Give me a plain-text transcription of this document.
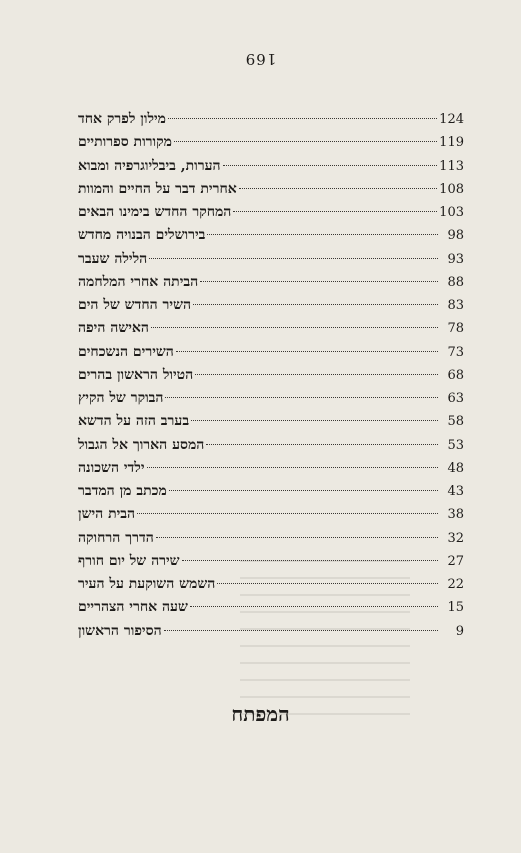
169
124
מילון לפרק אחד
119
מקורות ספרותיים
113
הערות, ביבליוגרפיה ומבוא
108
אחרית דבר על החיים והמוות
103
המחקר החדש בימינו הבאים
98
בירושלים הבנויה מחדש
93
הלילה שעבר
88
הביתה אחרי המלחמה
83
השיר החדש של הים
78
האישה היפה
73
השירים הנשכחים
68
הטיול הראשון בהרים
63
הבוקר של הקיץ
58
בערב הזה על הדשא
53
המסע הארוך אל הגבול
48
ילדי השכונה
43
מכתב מן המדבר
38
הבית הישן
32
הדרך הרחוקה
27
שירה של יום חורף
22
השמש השוקעת על העיר
15
שעה אחרי הצהריים
9
הסיפור הראשון
המפתח
